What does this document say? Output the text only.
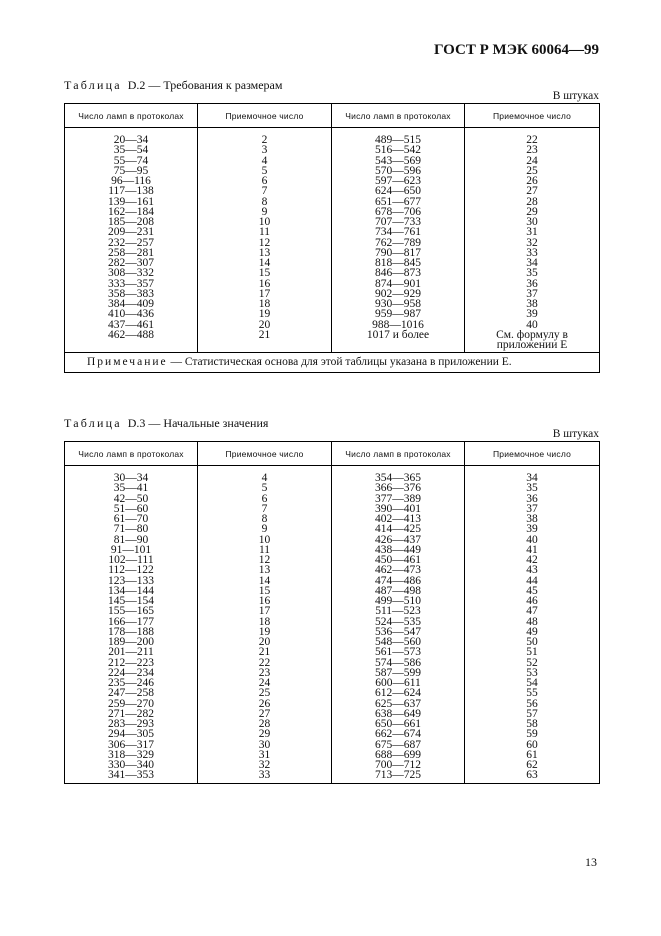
ГОСТ Р МЭК 60064—99
Таблица D.2 — Требования к размерам
В штуках
Число ламп в протоколах	Приемочное число	Число ламп в протоколах	Приемочное число
20—34	2	489—515	22
35—54	3	516—542	23
55—74	4	543—569	24
75—95	5	570—596	25
96—116	6	597—623	26
117—138	7	624—650	27
139—161	8	651—677	28
162—184	9	678—706	29
185—208	10	707—733	30
209—231	11	734—761	31
232—257	12	762—789	32
258—281	13	790—817	33
282—307	14	818—845	34
308—332	15	846—873	35
333—357	16	874—901	36
358—383	17	902—929	37
384—409	18	930—958	38
410—436	19	959—987	39
437—461	20	988—1016	40
462—488	21	1017 и более	См. формулу в
			приложении Е
Примечание — Статистическая основа для этой таблицы указана в приложении Е.			
Таблица D.3 — Начальные значения
В штуках
Число ламп в протоколах	Приемочное число	Число ламп в протоколах	Приемочное число
30—34	4	354—365	34
35—41	5	366—376	35
42—50	6	377—389	36
51—60	7	390—401	37
61—70	8	402—413	38
71—80	9	414—425	39
81—90	10	426—437	40
91—101	11	438—449	41
102—111	12	450—461	42
112—122	13	462—473	43
123—133	14	474—486	44
134—144	15	487—498	45
145—154	16	499—510	46
155—165	17	511—523	47
166—177	18	524—535	48
178—188	19	536—547	49
189—200	20	548—560	50
201—211	21	561—573	51
212—223	22	574—586	52
224—234	23	587—599	53
235—246	24	600—611	54
247—258	25	612—624	55
259—270	26	625—637	56
271—282	27	638—649	57
283—293	28	650—661	58
294—305	29	662—674	59
306—317	30	675—687	60
318—329	31	688—699	61
330—340	32	700—712	62
341—353	33	713—725	63
13
